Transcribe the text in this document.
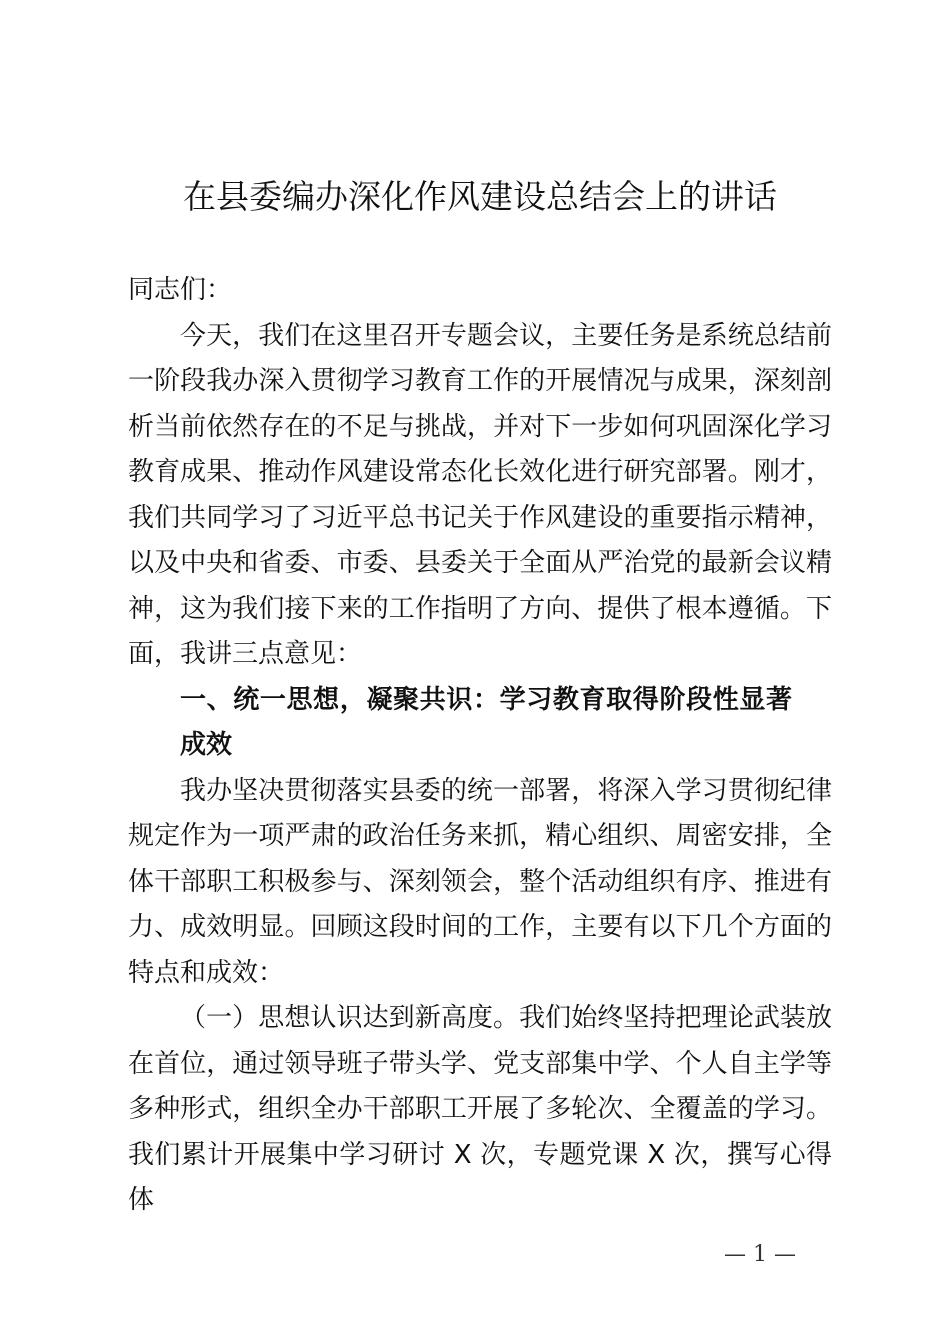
在县委编办深化作风建设总结会上的讲话

同志们：

今天，我们在这里召开专题会议，主要任务是系统总结前一阶段我办深入贯彻学习教育工作的开展情况与成果，深刻剖析当前依然存在的不足与挑战，并对下一步如何巩固深化学习教育成果、推动作风建设常态化长效化进行研究部署。刚才，我们共同学习了习近平总书记关于作风建设的重要指示精神，以及中央和省委、市委、县委关于全面从严治党的最新会议精神，这为我们接下来的工作指明了方向、提供了根本遵循。下面，我讲三点意见：

一、统一思想，凝聚共识：学习教育取得阶段性显著成效

我办坚决贯彻落实县委的统一部署，将深入学习贯彻纪律规定作为一项严肃的政治任务来抓，精心组织、周密安排，全体干部职工积极参与、深刻领会，整个活动组织有序、推进有力、成效明显。回顾这段时间的工作，主要有以下几个方面的特点和成效：

（一）思想认识达到新高度。我们始终坚持把理论武装放在首位，通过领导班子带头学、党支部集中学、个人自主学等多种形式，组织全办干部职工开展了多轮次、全覆盖的学习。我们累计开展集中学习研讨 X 次，专题党课 X 次，撰写心得体

— 1 —
